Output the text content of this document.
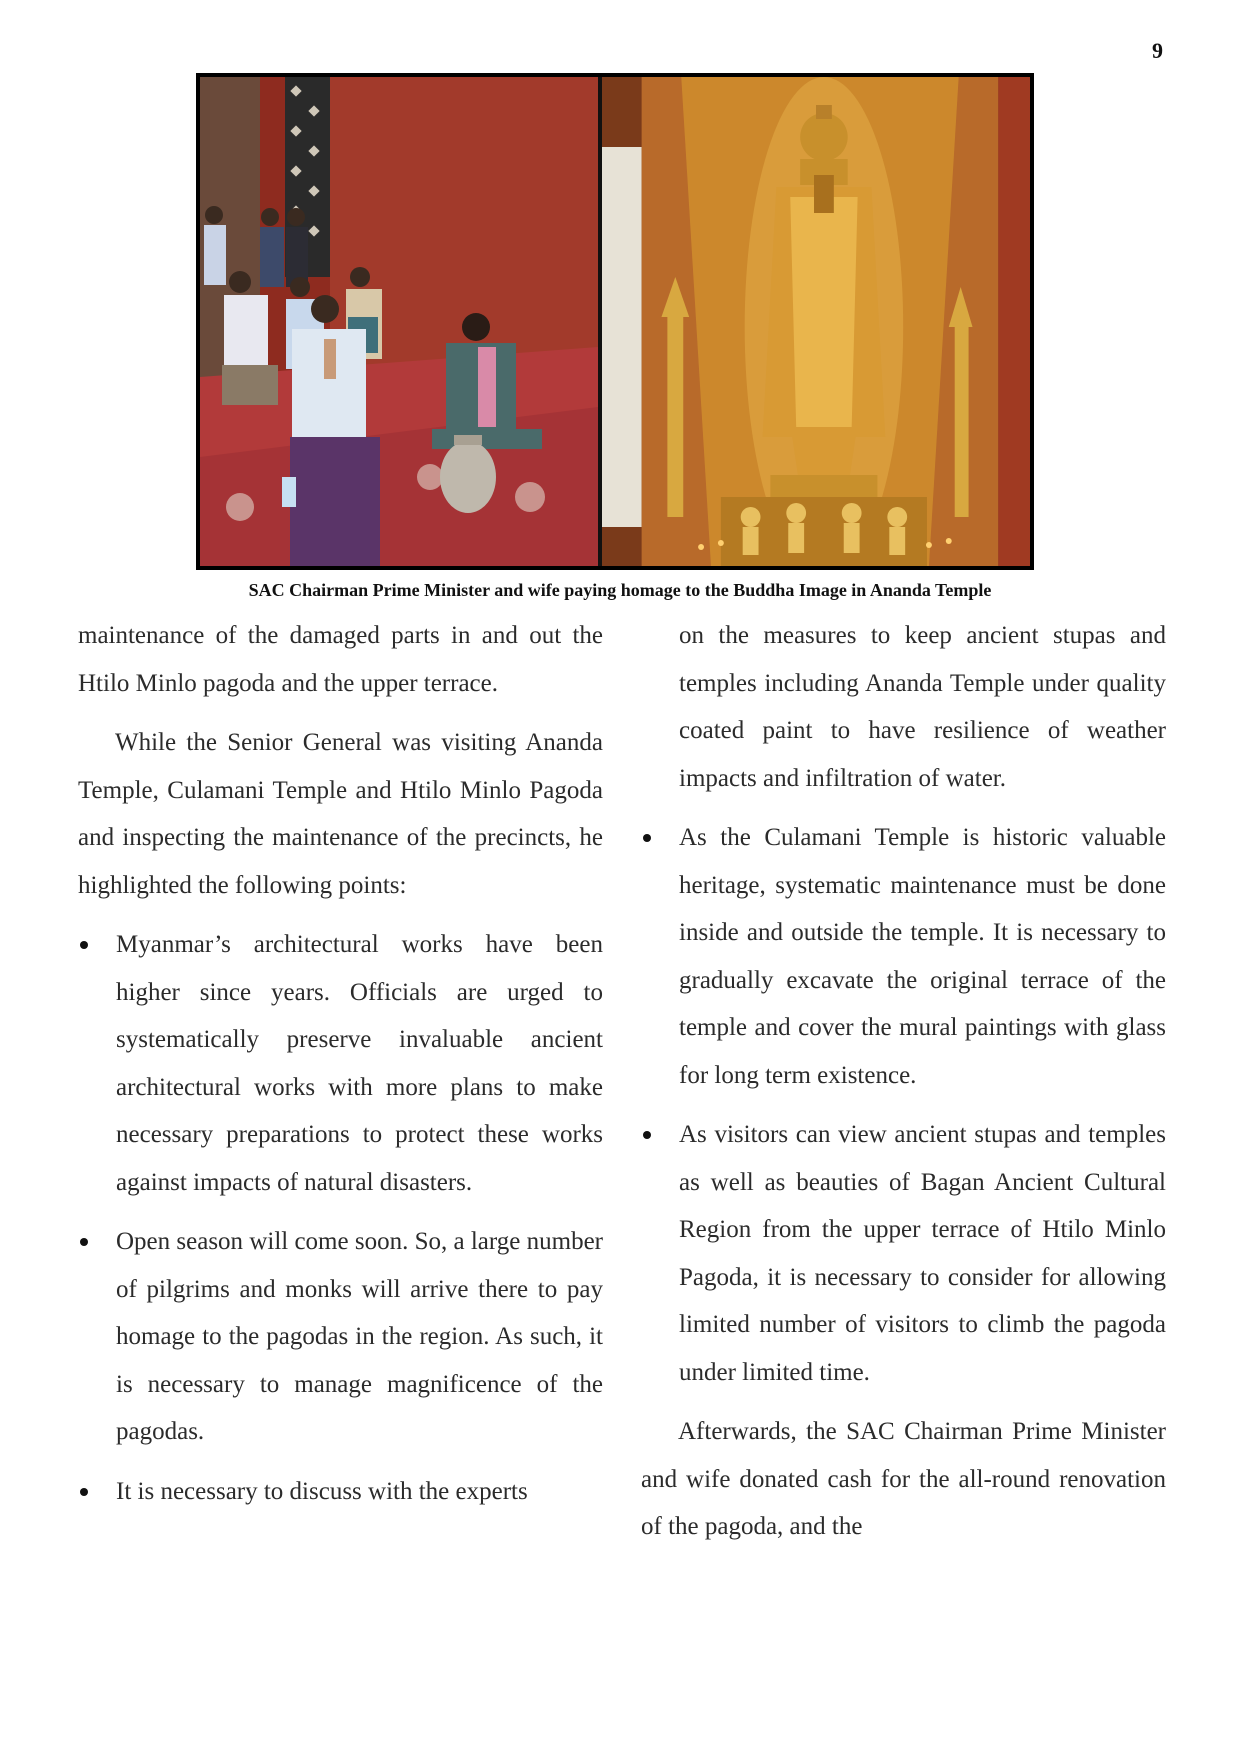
9
SAC Chairman Prime Minister and wife paying homage to the Buddha Image in Ananda Temple

maintenance of the damaged parts in and out the Htilo Minlo pagoda and the upper terrace.

While the Senior General was visiting Ananda Temple, Culamani Temple and Htilo Minlo Pagoda and inspecting the maintenance of the precincts, he highlighted the following points:

Myanmar’s architectural works have been higher since years. Officials are urged to systematically preserve invaluable ancient architectural works with more plans to make necessary preparations to protect these works against impacts of natural disasters.
Open season will come soon. So, a large number of pilgrims and monks will arrive there to pay homage to the pagodas in the region. As such, it is necessary to manage magnificence of the pagodas.
It is necessary to discuss with the experts
on the measures to keep ancient stupas and temples including Ananda Temple under quality coated paint to have resilience of weather impacts and infiltration of water.
As the Culamani Temple is historic valuable heritage, systematic maintenance must be done inside and outside the temple. It is necessary to gradually excavate the original terrace of the temple and cover the mural paintings with glass for long term existence.
As visitors can view ancient stupas and temples as well as beauties of Bagan Ancient Cultural Region from the upper terrace of Htilo Minlo Pagoda, it is necessary to consider for allowing limited number of visitors to climb the pagoda under limited time.

Afterwards, the SAC Chairman Prime Minister and wife donated cash for the all-round renovation of the pagoda, and the
